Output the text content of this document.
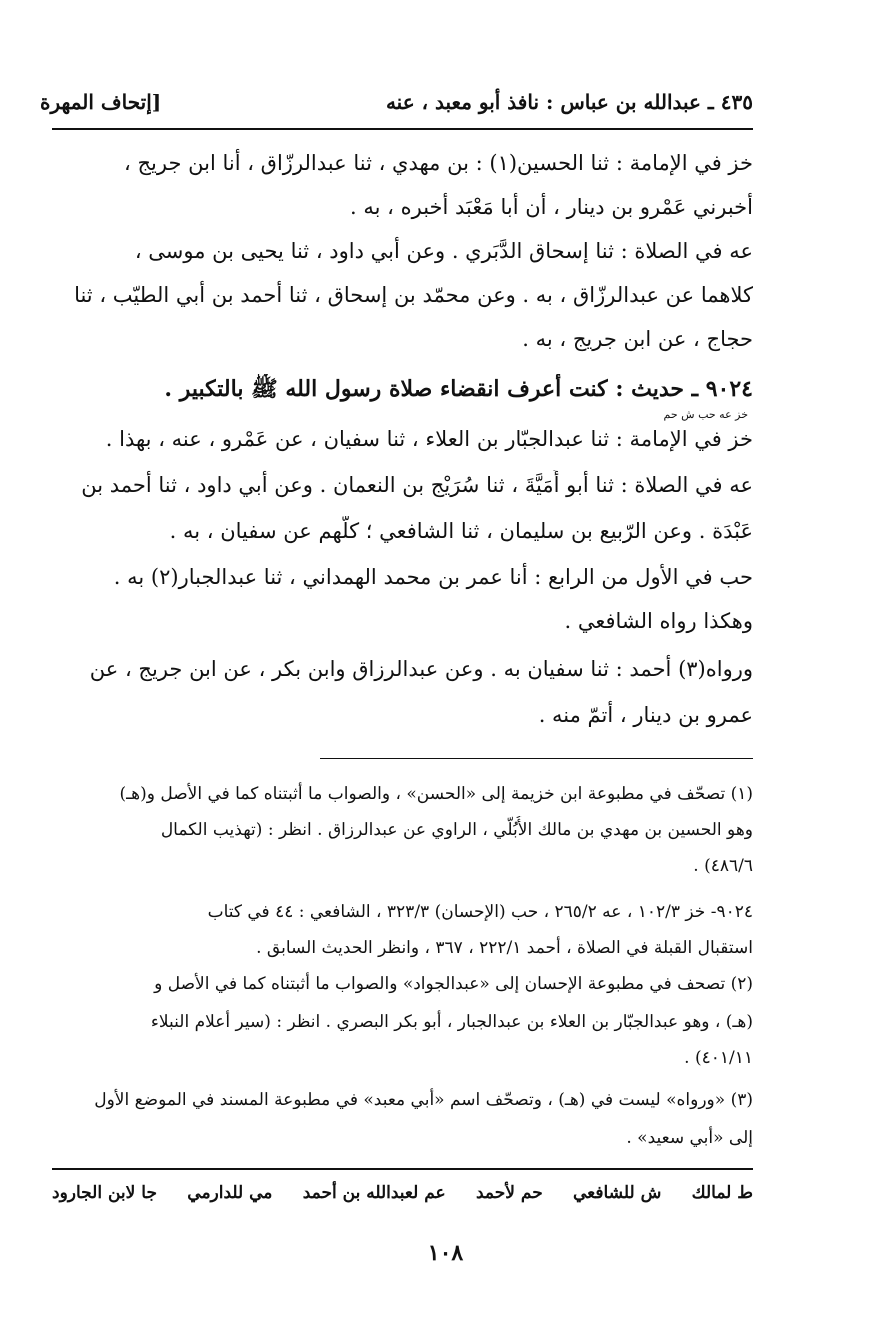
٤٣٥ ـ عبدالله بن عباس : نافذ أبو معبد ، عنه
[إتحاف المهرة
خز في الإمامة : ثنا الحسين(١) : بن مهدي ، ثنا عبدالرزّاق ، أنا ابن جريج ،
أخبرني عَمْرو بن دينار ، أن أبا مَعْبَد أخبره ، به .
عه في الصلاة : ثنا إسحاق الدَّبَري . وعن أبي داود ، ثنا يحيى بن موسى ،
كلاهما عن عبدالرزّاق ، به . وعن محمّد بن إسحاق ، ثنا أحمد بن أبي الطيّب ، ثنا
حجاج ، عن ابن جريج ، به .
٩٠٢٤ ـ حديث : كنت أعرف انقضاء صلاة رسول الله ﷺ بالتكبير .
خز عه حب ش حم
خز في الإمامة : ثنا عبدالجبّار بن العلاء ، ثنا سفيان ، عن عَمْرو ، عنه ، بهذا .
عه في الصلاة : ثنا أبو أُمَيَّةَ ، ثنا سُرَيْج بن النعمان . وعن أبي داود ، ثنا أحمد بن
عَبْدَة . وعن الرّبيع بن سليمان ، ثنا الشافعي ؛ كلّهم عن سفيان ، به .
حب في الأول من الرابع : أنا عمر بن محمد الهمداني ، ثنا عبدالجبار(٢) به .
وهكذا رواه الشافعي .
ورواه(٣) أحمد : ثنا سفيان به . وعن عبدالرزاق وابن بكر ، عن ابن جريج ، عن
عمرو بن دينار ، أتمّ منه .
(١) تصحّف في مطبوعة ابن خزيمة إلى «الحسن» ، والصواب ما أثبتناه كما في الأصل و(هـ)
وهو الحسين بن مهدي بن مالك الأُبُلّي ، الراوي عن عبدالرزاق . انظر : (تهذيب الكمال
٤٨٦/٦) .
٩٠٢٤- خز ١٠٢/٣ ، عه ٢٦٥/٢ ، حب (الإحسان) ٣٢٣/٣ ، الشافعي : ٤٤ في كتاب
استقبال القبلة في الصلاة ، أحمد ٢٢٢/١ ، ٣٦٧ ، وانظر الحديث السابق .
(٢) تصحف في مطبوعة الإحسان إلى «عبدالجواد» والصواب ما أثبتناه كما في الأصل و
(هـ) ، وهو عبدالجبّار بن العلاء بن عبدالجبار ، أبو بكر البصري . انظر : (سير أعلام النبلاء
٤٠١/١١) .
(٣) «ورواه» ليست في (هـ) ، وتصحّف اسم «أبي معبد» في مطبوعة المسند في الموضع الأول
إلى «أبي سعيد» .
ط لمالك
ش للشافعي
حم لأحمد
عم لعبدالله بن أحمد
مي للدارمي
جا لابن الجارود
١٠٨
